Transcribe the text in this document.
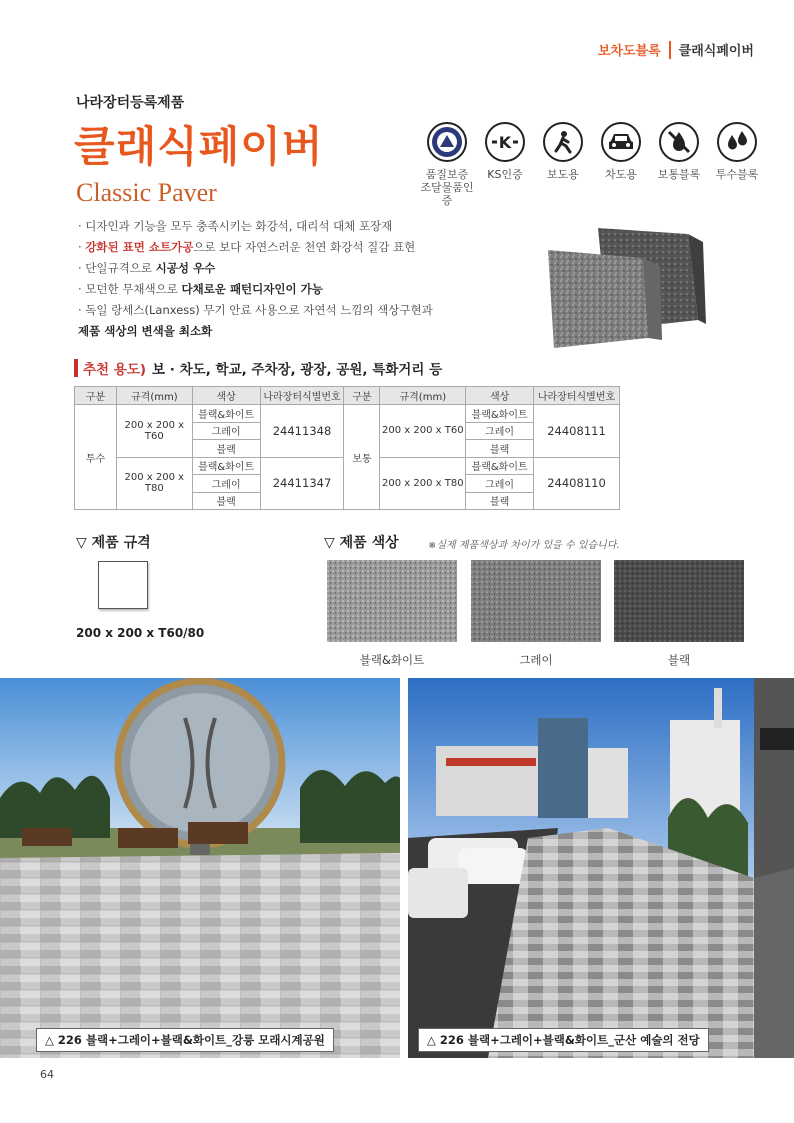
보차도블록 클래식페이버
나라장터등록제품
클래식페이버
Classic Paver
품질보증
조달물품인증
K
KS인증	보도용	차도용	보통블록	투수블록
· 디자인과 기능을 모두 충족시키는 화강석, 대리석 대체 포장재
· 강화된 표면 쇼트가공으로 보다 자연스러운 천연 화강석 질감 표현
· 단일규격으로 시공성 우수
· 모던한 무채색으로 다채로운 패턴디자인이 가능
· 독일 랑세스(Lanxess) 무기 안료 사용으로 자연석 느낌의 색상구현과
제품 색상의 변색을 최소화
추천 용도) 보 · 차도, 학교, 주차장, 광장, 공원, 특화거리 등
구분	규격(mm)	색상	나라장터식별번호	구분	규격(mm)	색상	나라장터식별번호
투수	200 x 200 x T60	블랙&화이트	24411348	보통	200 x 200 x T60	블랙&화이트	24408111
		그레이				그레이	
		블랙				블랙	
	200 x 200 x T80	블랙&화이트	24411347		200 x 200 x T80	블랙&화이트	24408110
		그레이				그레이	
		블랙				블랙	
▽ 제품 규격
200 x 200 x T60/80
▽ 제품 색상	※실제 제품색상과 차이가 있을 수 있습니다.
블랙&화이트	그레이	블랙
△ 226 블랙+그레이+블랙&화이트_강릉 모래시계공원	△ 226 블랙+그레이+블랙&화이트_군산 예술의 전당
64
